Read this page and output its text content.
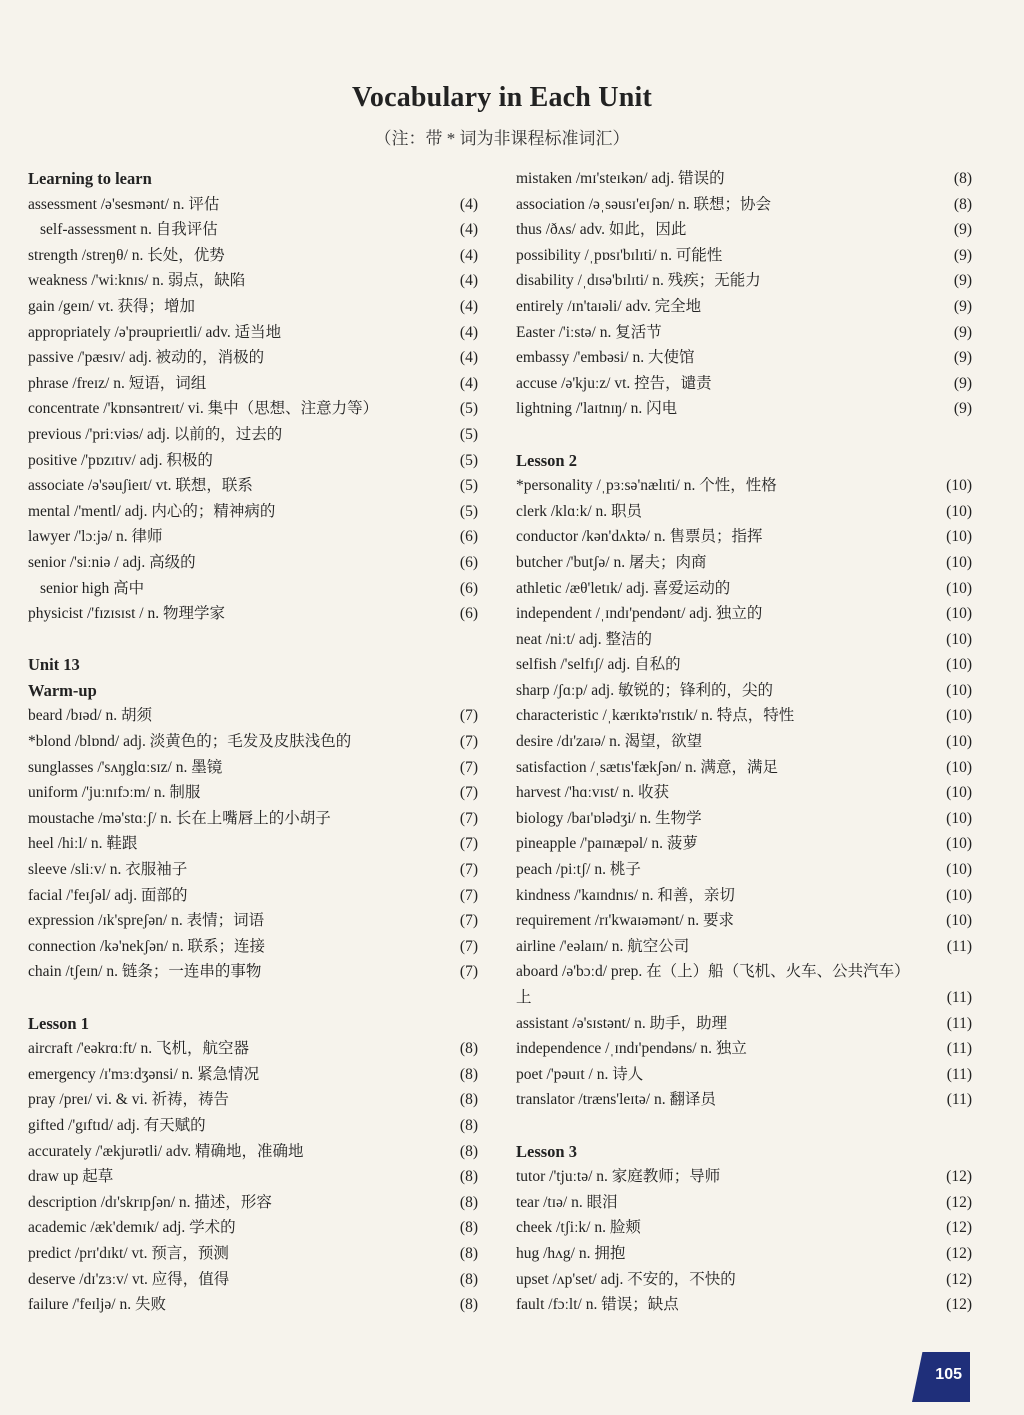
Vocabulary in Each Unit
（注：带 * 词为非课程标准词汇）
Learning to learn
assessment /ə'sesmənt/ n. 评估	(4)
self-assessment n. 自我评估	(4)
strength /streŋθ/ n. 长处，优势	(4)
weakness /'wiːknɪs/ n. 弱点，缺陷	(4)
gain /geɪn/ vt. 获得；增加	(4)
appropriately /ə'prəuprieɪtli/ adv. 适当地	(4)
passive /'pæsɪv/ adj. 被动的，消极的	(4)
phrase /freɪz/ n. 短语，词组	(4)
concentrate /'kɒnsəntreɪt/ vi. 集中（思想、注意力等）	(5)
previous /'priːviəs/ adj. 以前的，过去的	(5)
positive /'pɒzɪtɪv/ adj. 积极的	(5)
associate /ə'səuʃieɪt/ vt. 联想，联系	(5)
mental /'mentl/ adj. 内心的；精神病的	(5)
lawyer /'lɔːjə/ n. 律师	(6)
senior /'siːniə / adj. 高级的	(6)
senior high 高中	(6)
physicist /'fɪzɪsɪst / n. 物理学家	(6)
Unit 13
Warm-up
beard /bɪəd/ n. 胡须	(7)
*blond /blɒnd/ adj. 淡黄色的；毛发及皮肤浅色的	(7)
sunglasses /'sʌŋglɑːsɪz/ n. 墨镜	(7)
uniform /'juːnɪfɔːm/ n. 制服	(7)
moustache /mə'stɑːʃ/ n. 长在上嘴唇上的小胡子	(7)
heel /hiːl/ n. 鞋跟	(7)
sleeve /sliːv/ n. 衣服袖子	(7)
facial /'feɪʃəl/ adj. 面部的	(7)
expression /ɪk'spreʃən/ n. 表情；词语	(7)
connection /kə'nekʃən/ n. 联系；连接	(7)
chain /tʃeɪn/ n. 链条；一连串的事物	(7)
Lesson 1
aircraft /'eəkrɑːft/ n. 飞机，航空器	(8)
emergency /ɪ'mɜːdʒənsi/ n. 紧急情况	(8)
pray /preɪ/ vi. & vi. 祈祷，祷告	(8)
gifted /'gɪftɪd/ adj. 有天赋的	(8)
accurately /'ækjurətli/ adv. 精确地，准确地	(8)
draw up 起草	(8)
description /dɪ'skrɪpʃən/ n. 描述，形容	(8)
academic /æk'demɪk/ adj. 学术的	(8)
predict /prɪ'dɪkt/ vt. 预言，预测	(8)
deserve /dɪ'zɜːv/ vt. 应得，值得	(8)
failure /'feɪljə/ n. 失败	(8)
mistaken /mɪ'steɪkən/ adj. 错误的	(8)
association /əˌsəusɪ'eɪʃən/ n. 联想；协会	(8)
thus /ðʌs/ adv. 如此，因此	(9)
possibility /ˌpɒsɪ'bɪlɪti/ n. 可能性	(9)
disability /ˌdɪsə'bɪlɪti/ n. 残疾；无能力	(9)
entirely /ɪn'taɪəli/ adv. 完全地	(9)
Easter /'iːstə/ n. 复活节	(9)
embassy /'embəsi/ n. 大使馆	(9)
accuse /ə'kjuːz/ vt. 控告，谴责	(9)
lightning /'laɪtnɪŋ/ n. 闪电	(9)
Lesson 2
*personality /ˌpɜːsə'nælɪti/ n. 个性，性格	(10)
clerk /klɑːk/ n. 职员	(10)
conductor /kən'dʌktə/ n. 售票员；指挥	(10)
butcher /'butʃə/ n. 屠夫；肉商	(10)
athletic /æθ'letɪk/ adj. 喜爱运动的	(10)
independent /ˌɪndɪ'pendənt/ adj. 独立的	(10)
neat /niːt/ adj. 整洁的	(10)
selfish /'selfɪʃ/ adj. 自私的	(10)
sharp /ʃɑːp/ adj. 敏锐的；锋利的，尖的	(10)
characteristic /ˌkærɪktə'rɪstɪk/ n. 特点，特性	(10)
desire /dɪ'zaɪə/ n. 渴望，欲望	(10)
satisfaction /ˌsætɪs'fækʃən/ n. 满意，满足	(10)
harvest /'hɑːvɪst/ n. 收获	(10)
biology /baɪ'ɒlədʒi/ n. 生物学	(10)
pineapple /'paɪnæpəl/ n. 菠萝	(10)
peach /piːtʃ/ n. 桃子	(10)
kindness /'kaɪndnɪs/ n. 和善，亲切	(10)
requirement /rɪ'kwaɪəmənt/ n. 要求	(10)
airline /'eəlaɪn/ n. 航空公司	(11)
aboard /ə'bɔːd/ prep. 在（上）船（飞机、火车、公共汽车）
上	(11)
assistant /ə'sɪstənt/ n. 助手，助理	(11)
independence /ˌɪndɪ'pendəns/ n. 独立	(11)
poet /'pəuɪt / n. 诗人	(11)
translator /træns'leɪtə/ n. 翻译员	(11)
Lesson 3
tutor /'tjuːtə/ n. 家庭教师；导师	(12)
tear /tɪə/ n. 眼泪	(12)
cheek /tʃiːk/ n. 脸颊	(12)
hug /hʌg/ n. 拥抱	(12)
upset /ʌp'set/ adj. 不安的，不快的	(12)
fault /fɔːlt/ n. 错误；缺点	(12)
105
